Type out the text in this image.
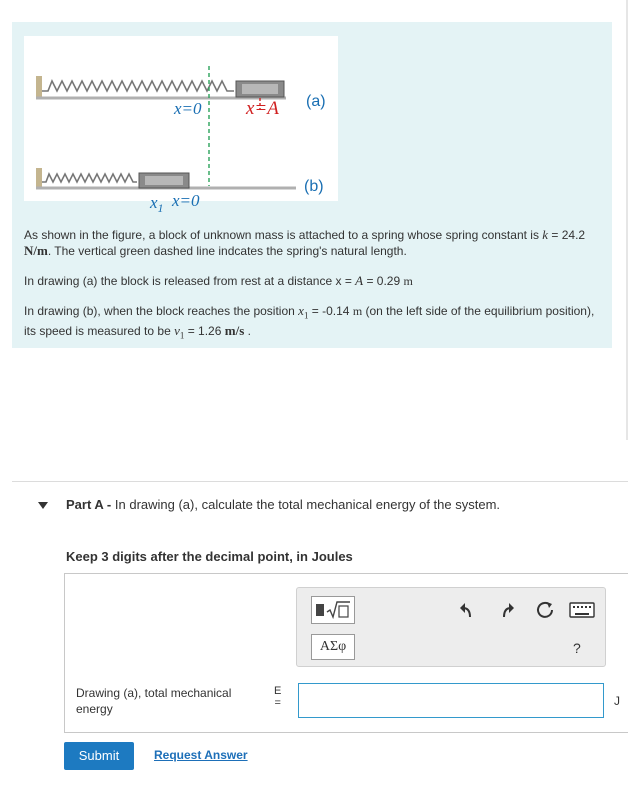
x=0 x=A (a)
$x_1$ x=0
(b)
As shown in the figure, a block of unknown mass is attached to a spring whose spring constant is k = 24.2 N/m. The vertical green dashed line indcates the spring's natural length.
In drawing (a) the block is released from rest at a distance x = A = 0.29 m
In drawing (b), when the block reaches the position $x_1 = -0.14$ m (on the left side of the equilibrium position), its speed is measured to be $v_1 = 1.26$ m/s .
Part A - In drawing (a), calculate the total mechanical energy of the system.
Keep 3 digits after the decimal point, in Joules
ΑΣφ	?
Drawing (a), total mechanical energy
E
=	J
Submit	Request Answer
